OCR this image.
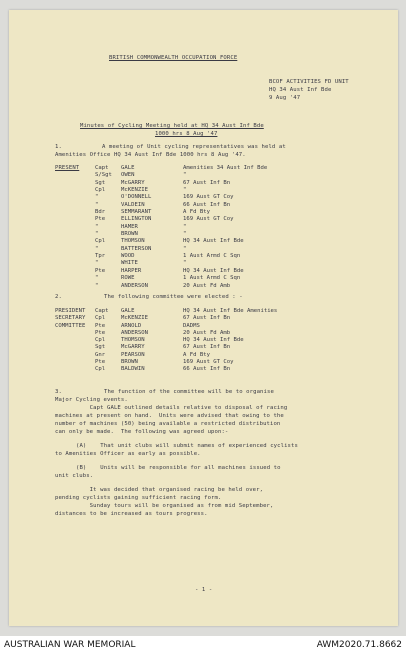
BRITISH COMMONWEALTH OCCUPATION FORCE
BCOF ACTIVITIES FD UNIT
HQ 34 Aust Inf Bde
9 Aug '47
Minutes of Cycling Meeting held at HQ 34 Aust Inf Bde
1000 hrs 8 Aug '47
1.	A meeting of Unit cycling representatives was held at
Amenities Office HQ 34 Aust Inf Bde 1000 hrs 8 Aug '47.
PRESENT	Capt GALE	Amenities 34 Aust Inf Bde
S/Sgt OWEN	"
Sgt	McGARRY	67 Aust Inf Bn
Cpl	McKENZIE	"
"	O'DONNELL	169 Aust GT Coy
"	VALDEIN	66 Aust Inf Bn
Bdr	SEMMARANT	A Fd Bty
Pte	ELLINGTON	169 Aust GT Coy
"	HAMER	"
"	BROWN	"
Cpl	THOMSON	HQ 34 Aust Inf Bde
"	BATTERSON	"
Tpr	WOOD	1 Aust Armd C Sqn
"	WHITE	"
Pte	HARPER	HQ 34 Aust Inf Bde
"	ROWE	1 Aust Armd C Sqn
"	ANDERSON	20 Aust Fd Amb
2.	The following committee were elected : -
PRESIDENT Capt GALE	HQ 34 Aust Inf Bde Amenities
SECRETARY Cpl	McKENZIE	67 Aust Inf Bn
COMMITTEE Pte	ARNOLD	DADMS
Pte	ANDERSON	20 Aust Fd Amb
Cpl	THOMSON	HQ 34 Aust Inf Bde
Sgt	McGARRY	67 Aust Inf Bn
Gnr	PEARSON	A Fd Bty
Pte	BROWN	169 Aust GT Coy
Cpl	BALDWIN	66 Aust Inf Bn
3.	The function of the committee will be to organise
Major Cycling events.
Capt GALE outlined details relative to disposal of racing
machines at present on hand.  Units were advised that owing to the
number of machines (50) being available a restricted distribution
can only be made.  The following was agreed upon:-
(A)    That unit clubs will submit names of experienced cyclists
to Amenities Officer as early as possible.
(B)    Units will be responsible for all machines issued to
unit clubs.
It was decided that organised racing be held over,
pending cyclists gaining sufficient racing form.
Sunday tours will be organised as from mid September,
distances to be increased as tours progress.
- 1 -
AUSTRALIAN WAR MEMORIAL	AWM2020.71.8662
